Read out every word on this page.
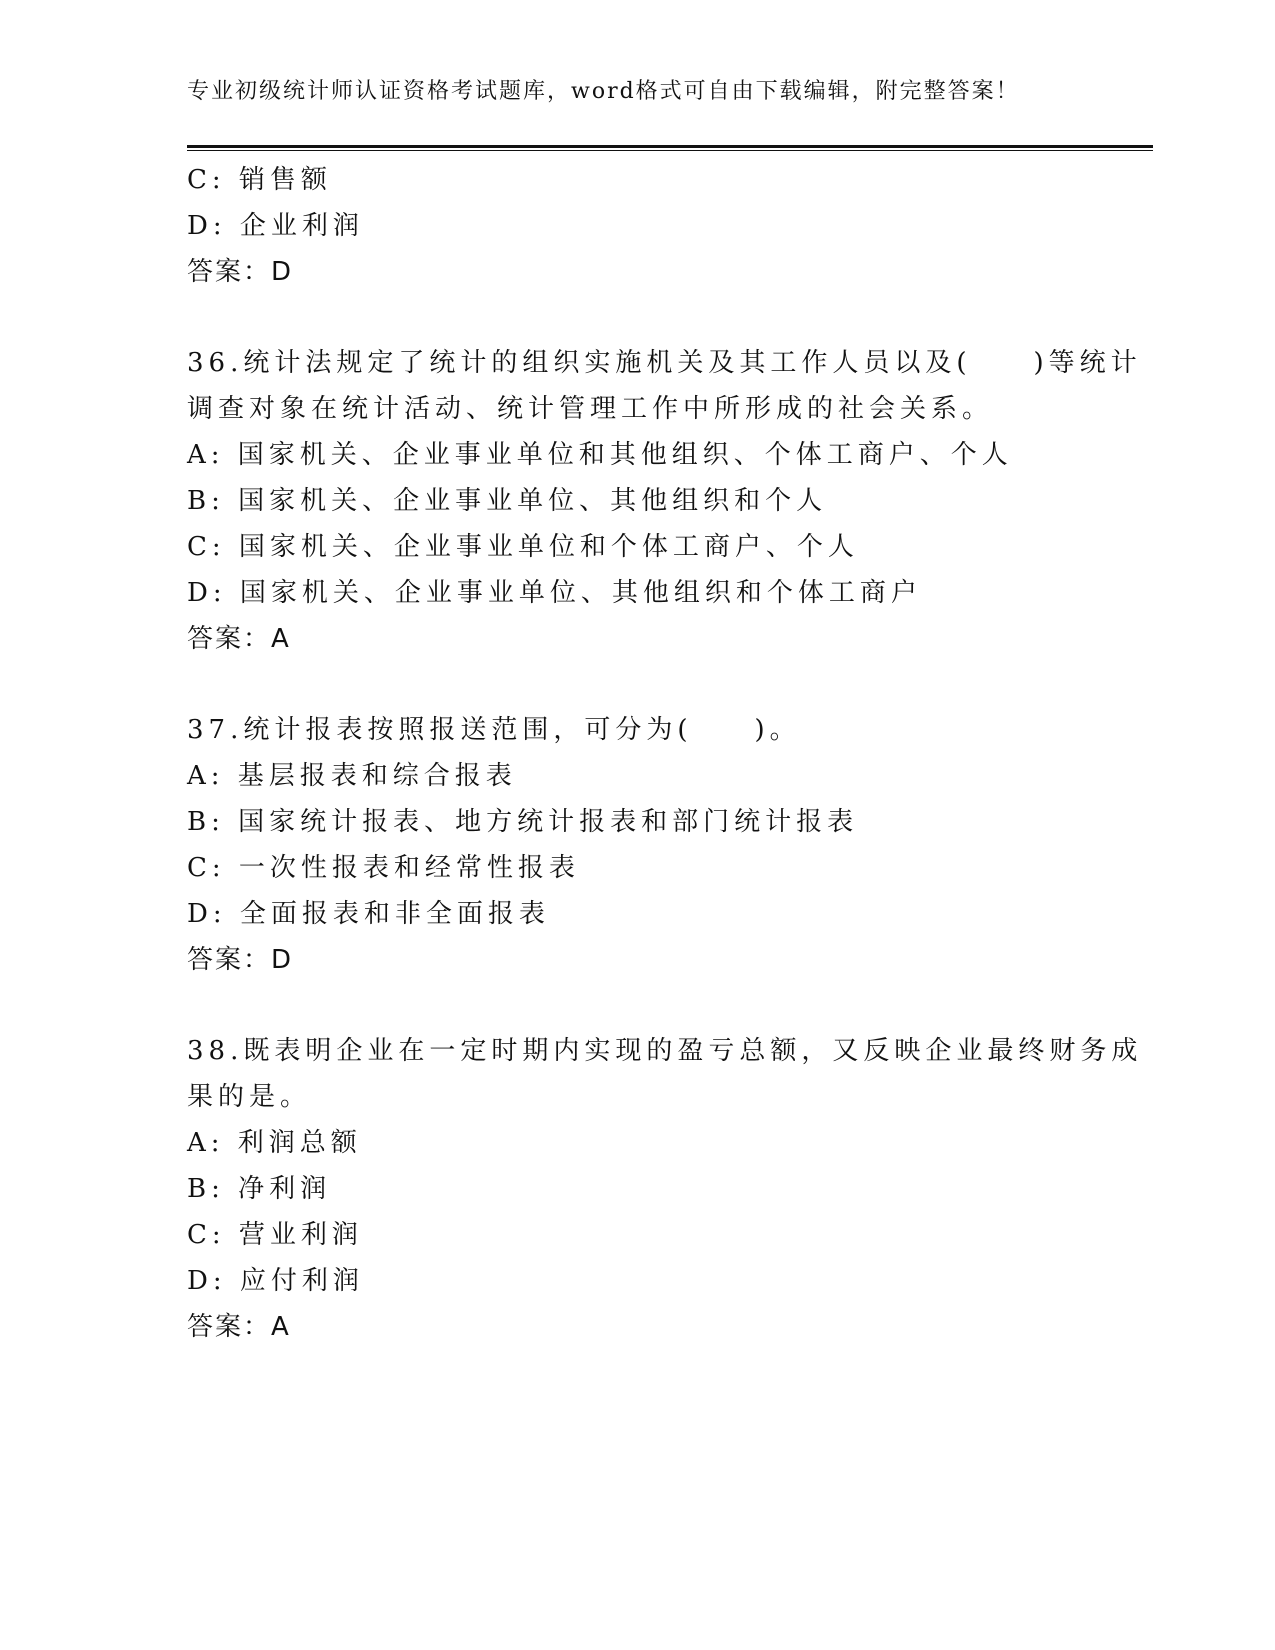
专业初级统计师认证资格考试题库，word格式可自由下载编辑，附完整答案！
C: 销售额
D: 企业利润
答案：D
36.统计法规定了统计的组织实施机关及其工作人员以及(　　)等统计
调查对象在统计活动、统计管理工作中所形成的社会关系。
A: 国家机关、企业事业单位和其他组织、个体工商户、个人
B: 国家机关、企业事业单位、其他组织和个人
C: 国家机关、企业事业单位和个体工商户、个人
D: 国家机关、企业事业单位、其他组织和个体工商户
答案：A
37.统计报表按照报送范围，可分为(　　)。
A: 基层报表和综合报表
B: 国家统计报表、地方统计报表和部门统计报表
C: 一次性报表和经常性报表
D: 全面报表和非全面报表
答案：D
38.既表明企业在一定时期内实现的盈亏总额，又反映企业最终财务成
果的是。
A: 利润总额
B: 净利润
C: 营业利润
D: 应付利润
答案：A
